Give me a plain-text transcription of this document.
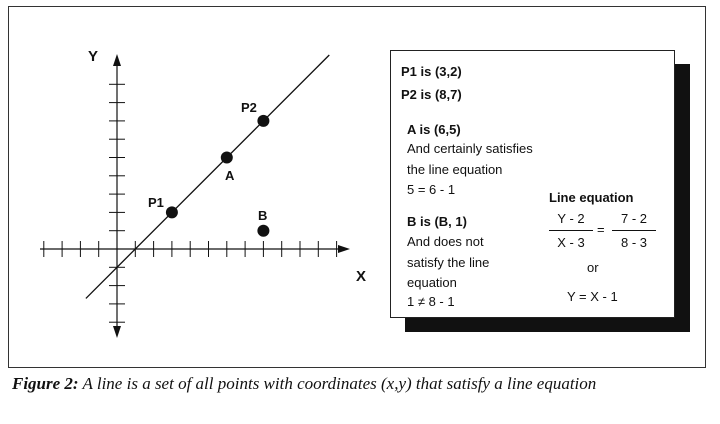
Y
X
P1
P2
A
B
P1 is (3,2)
P2 is (8,7)
A is (6,5)
And certainly satisfies
the line equation
5 = 6 - 1
B is (B, 1)
And does not
satisfy the line
equation
1 ≠ 8 - 1
Line equation
$\frac{Y - 2}{X - 3} = \frac{7 - 2}{8 - 3}$
or
Y = X - 1
Figure 2: A line is a set of all points with coordinates (x,y) that satisfy a line equation
